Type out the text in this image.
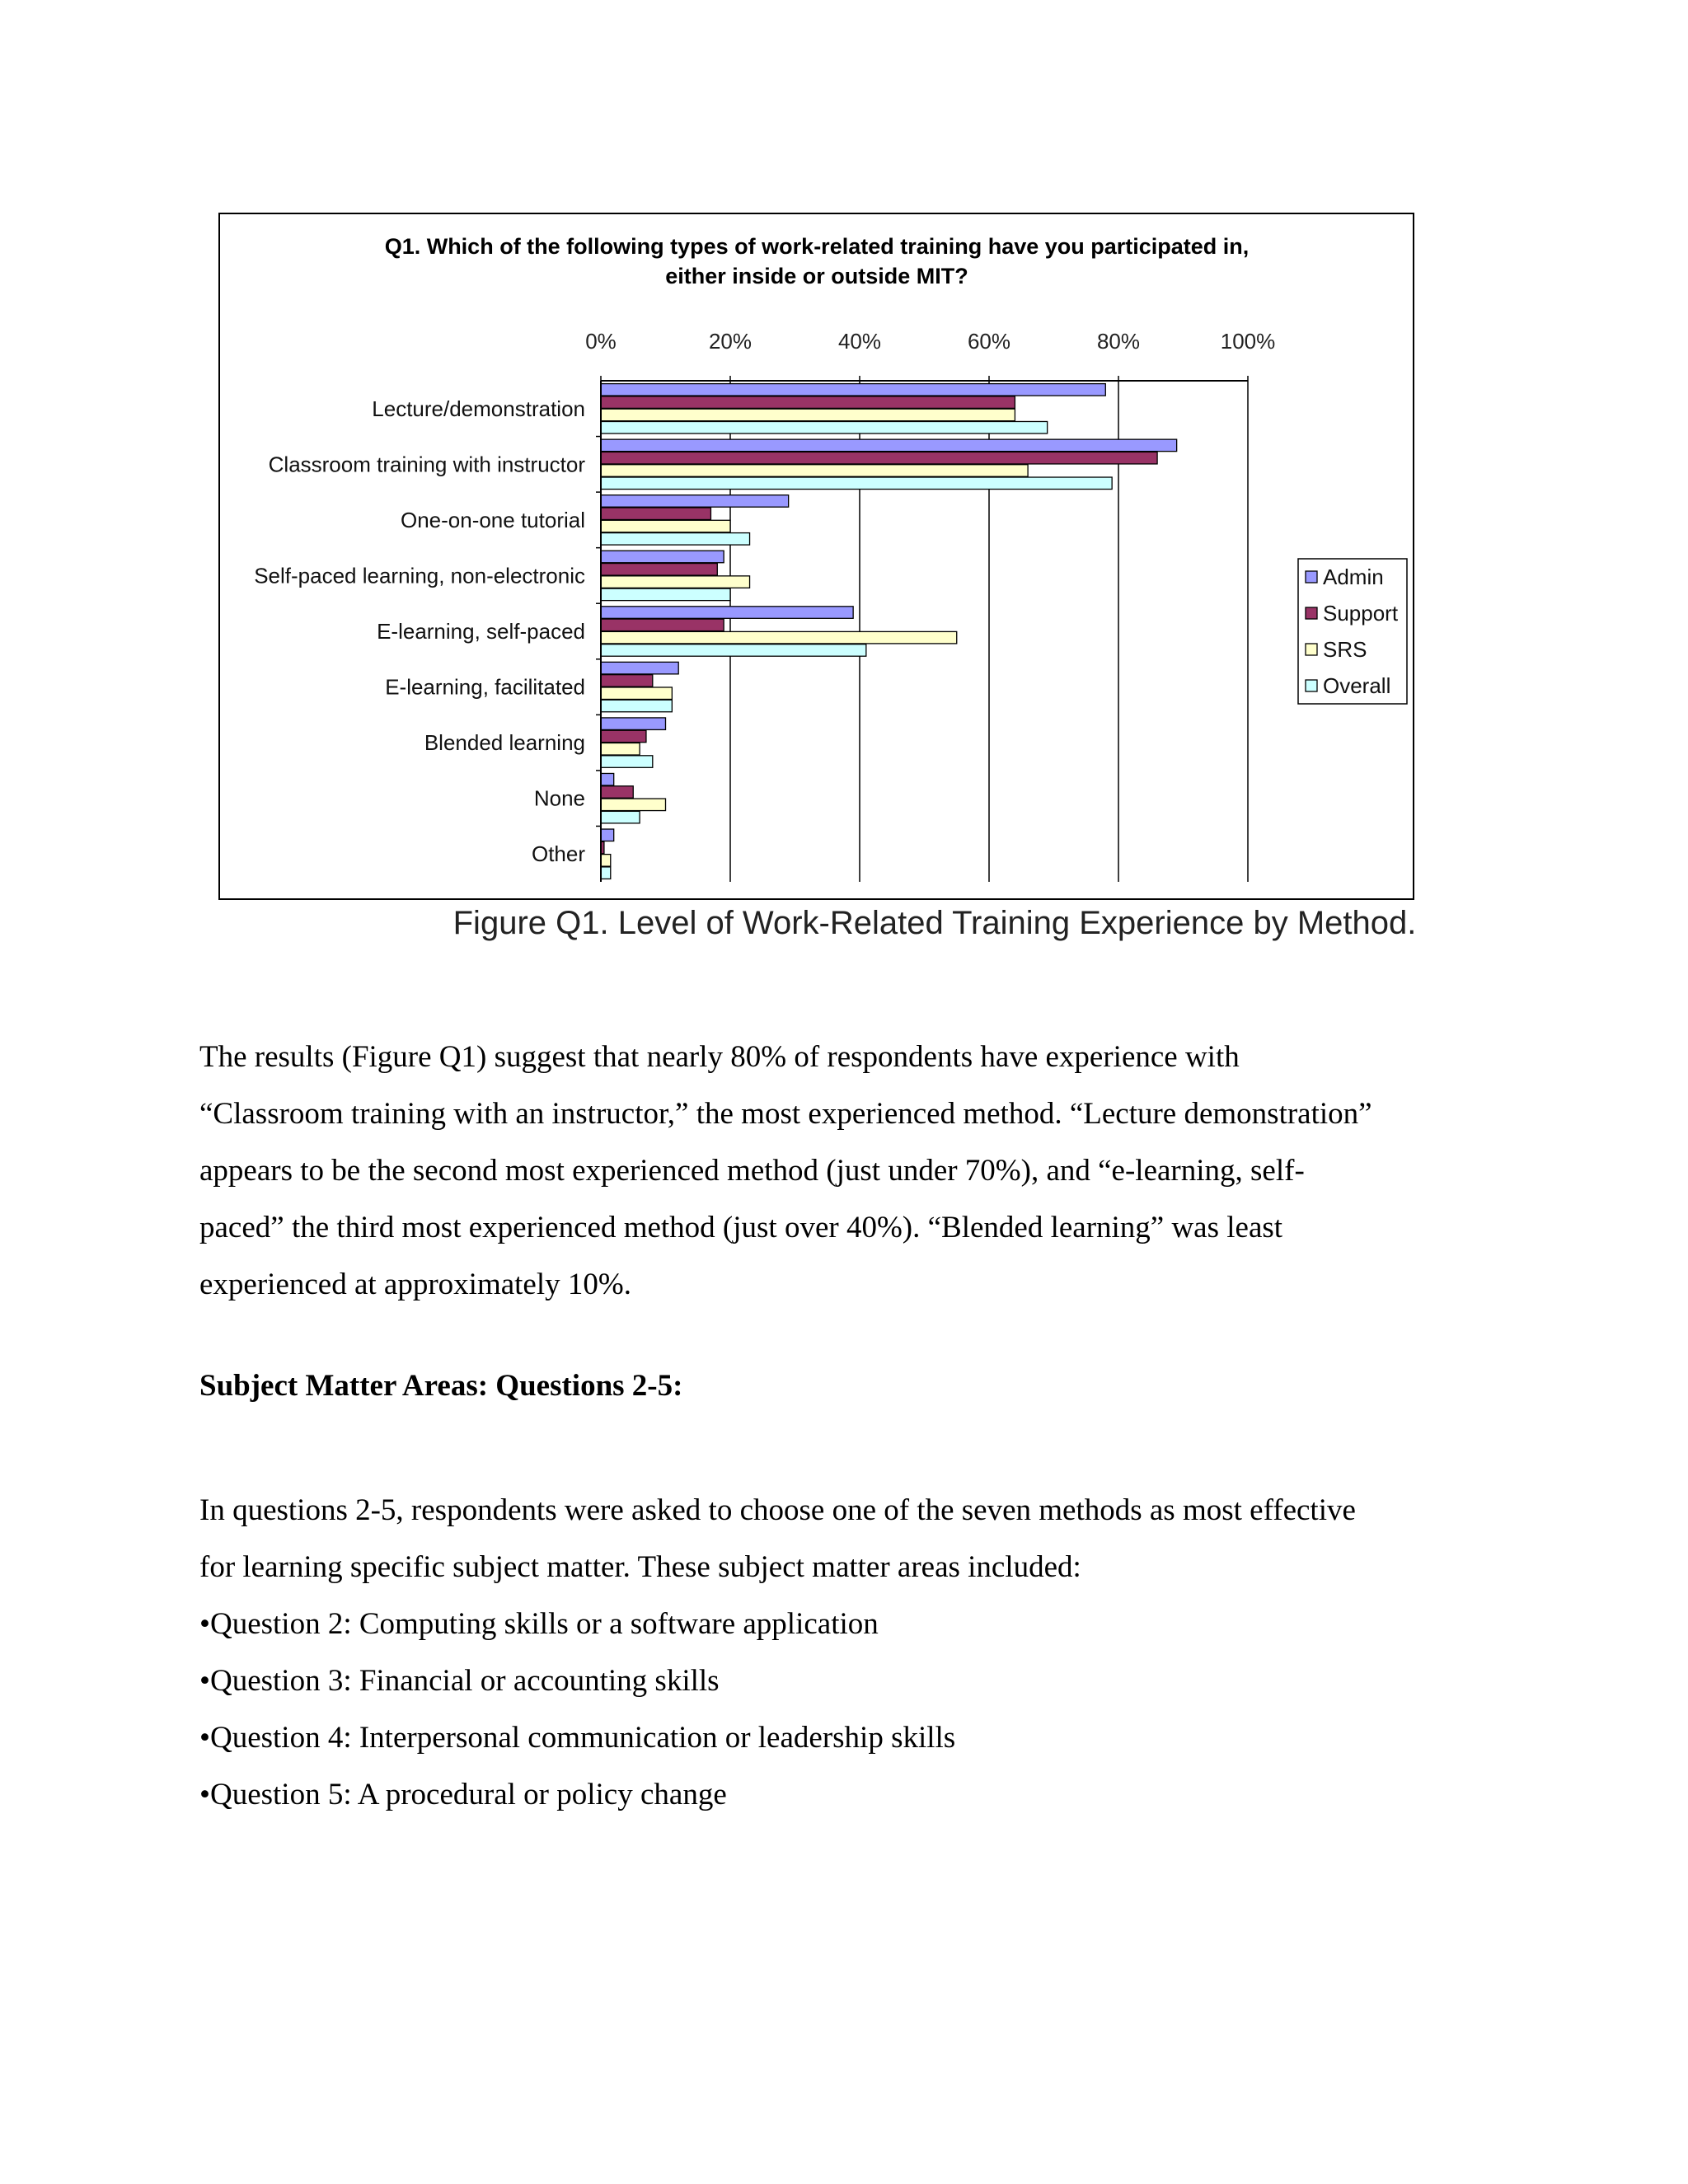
Q1. Which of the following types of work-related training have you participated in,
either inside or outside MIT?
0%	20%	40%	60%	80%	100%
Lecture/demonstration
Classroom training with instructor
One-on-one tutorial
Self-paced learning, non-electronic
E-learning, self-paced
E-learning, facilitated
Blended learning
None
Other
Admin
Support
SRS
Overall
Figure Q1. Level of Work-Related Training Experience by Method.

The results (Figure Q1) suggest that nearly 80% of respondents have experience with
“Classroom training with an instructor,” the most experienced method. “Lecture demonstration”
appears to be the second most experienced method (just under 70%), and “e-learning, self-
paced” the third most experienced method (just over 40%). “Blended learning” was least
experienced at approximately 10%.

Subject Matter Areas: Questions 2-5:

In questions 2-5, respondents were asked to choose one of the seven methods as most effective
for learning specific subject matter. These subject matter areas included:

• Question 2: Computing skills or a software application
• Question 3: Financial or accounting skills
• Question 4: Interpersonal communication or leadership skills
• Question 5: A procedural or policy change
